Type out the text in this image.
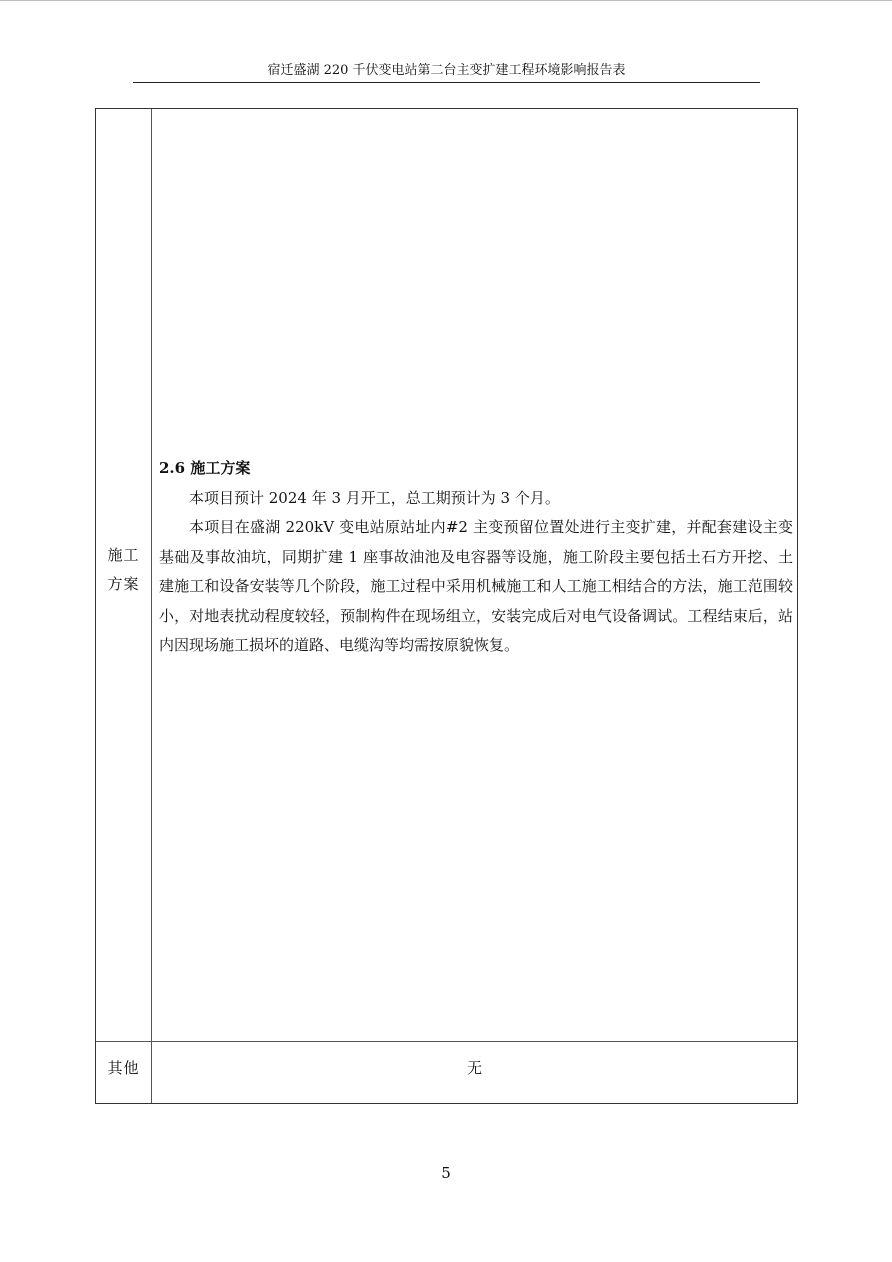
宿迁盛湖 220 千伏变电站第二台主变扩建工程环境影响报告表
施工
方案

2.6 施工方案

本项目预计 2024 年 3 月开工，总工期预计为 3 个月。

本项目在盛湖 220kV 变电站原站址内#2 主变预留位置处进行主变扩建，并配套建设主变基础及事故油坑，同期扩建 1 座事故油池及电容器等设施，施工阶段主要包括土石方开挖、土建施工和设备安装等几个阶段，施工过程中采用机械施工和人工施工相结合的方法，施工范围较小，对地表扰动程度较轻，预制构件在现场组立，安装完成后对电气设备调试。工程结束后，站内因现场施工损坏的道路、电缆沟等均需按原貌恢复。

其他	无
5
